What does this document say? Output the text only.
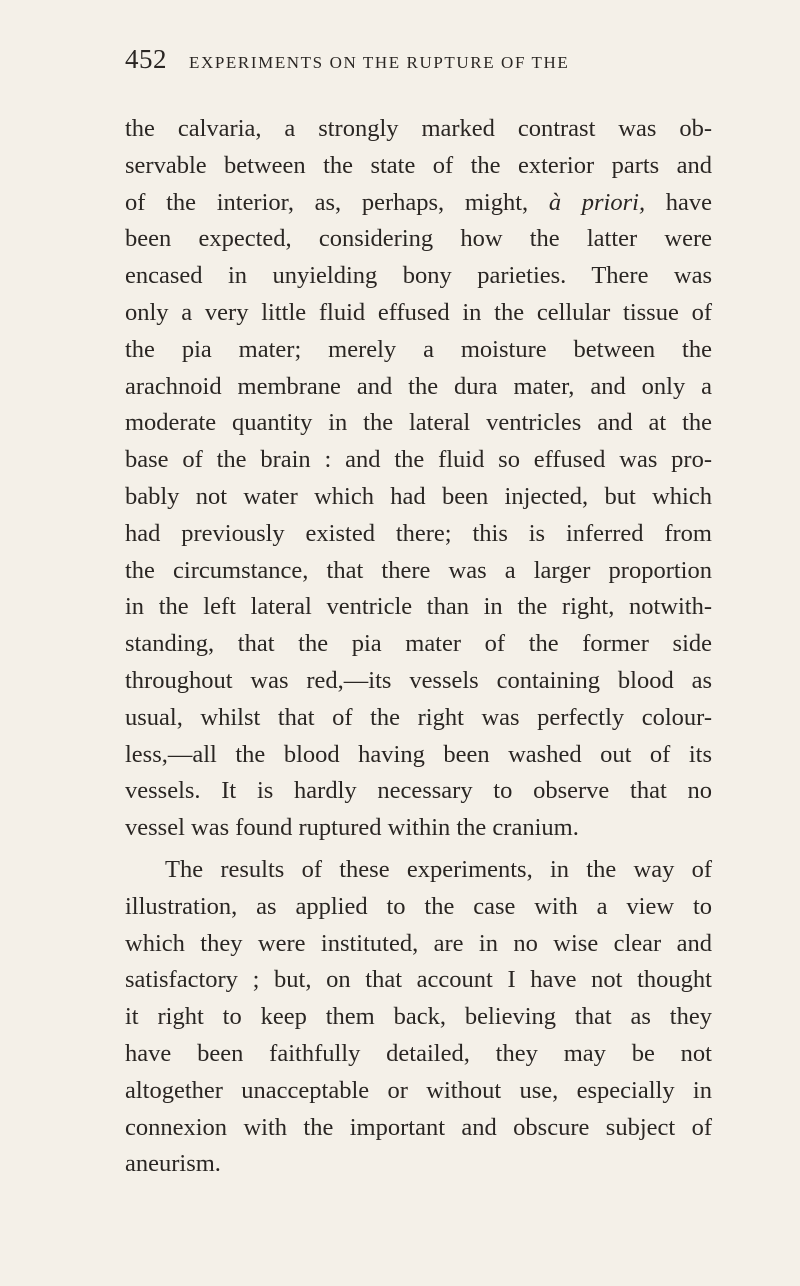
452 EXPERIMENTS ON THE RUPTURE OF THE
the calvaria, a strongly marked contrast was ob-
servable between the state of the exterior parts and
of the interior, as, perhaps, might, à priori, have
been expected, considering how the latter were
encased in unyielding bony parieties. There was
only a very little fluid effused in the cellular tissue of
the pia mater; merely a moisture between the
arachnoid membrane and the dura mater, and only a
moderate quantity in the lateral ventricles and at the
base of the brain : and the fluid so effused was pro-
bably not water which had been injected, but which
had previously existed there; this is inferred from
the circumstance, that there was a larger proportion
in the left lateral ventricle than in the right, notwith-
standing, that the pia mater of the former side
throughout was red,—its vessels containing blood as
usual, whilst that of the right was perfectly colour-
less,—all the blood having been washed out of its
vessels. It is hardly necessary to observe that no
vessel was found ruptured within the cranium.
The results of these experiments, in the way of
illustration, as applied to the case with a view to
which they were instituted, are in no wise clear and
satisfactory ; but, on that account I have not thought
it right to keep them back, believing that as they
have been faithfully detailed, they may be not
altogether unacceptable or without use, especially in
connexion with the important and obscure subject of
aneurism.
